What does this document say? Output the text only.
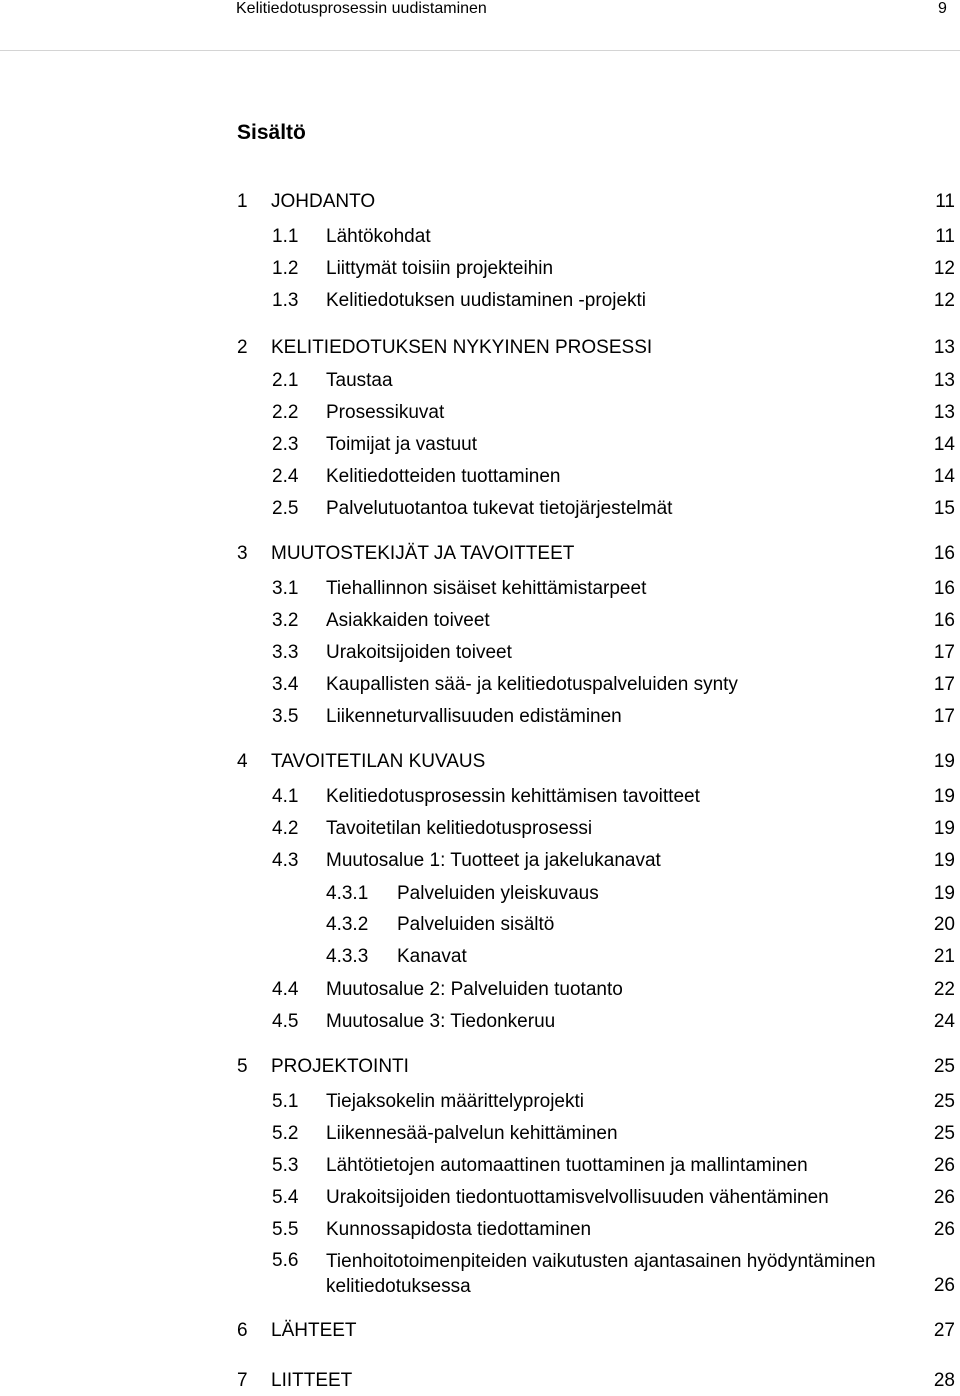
Kelitiedotusprosessin uudistaminen	9
Sisältö
1 JOHDANTO	11
1.1 Lähtökohdat	11
1.2 Liittymät toisiin projekteihin	12
1.3 Kelitiedotuksen uudistaminen -projekti	12
2 KELITIEDOTUKSEN NYKYINEN PROSESSI	13
2.1 Taustaa	13
2.2 Prosessikuvat	13
2.3 Toimijat ja vastuut	14
2.4 Kelitiedotteiden tuottaminen	14
2.5 Palvelutuotantoa tukevat tietojärjestelmät	15
3 MUUTOSTEKIJÄT JA TAVOITTEET	16
3.1 Tiehallinnon sisäiset kehittämistarpeet	16
3.2 Asiakkaiden toiveet	16
3.3 Urakoitsijoiden toiveet	17
3.4 Kaupallisten sää- ja kelitiedotuspalveluiden synty	17
3.5 Liikenneturvallisuuden edistäminen	17
4 TAVOITETILAN KUVAUS	19
4.1 Kelitiedotusprosessin kehittämisen tavoitteet	19
4.2 Tavoitetilan kelitiedotusprosessi	19
4.3 Muutosalue 1: Tuotteet ja jakelukanavat	19
4.3.1 Palveluiden yleiskuvaus	19
4.3.2 Palveluiden sisältö	20
4.3.3 Kanavat	21
4.4 Muutosalue 2: Palveluiden tuotanto	22
4.5 Muutosalue 3: Tiedonkeruu	24
5 PROJEKTOINTI	25
5.1 Tiejaksokelin määrittelyprojekti	25
5.2 Liikennesää-palvelun kehittäminen	25
5.3 Lähtötietojen automaattinen tuottaminen ja mallintaminen	26
5.4 Urakoitsijoiden tiedontuottamisvelvollisuuden vähentäminen	26
5.5 Kunnossapidosta tiedottaminen	26
5.6 Tienhoitotoimenpiteiden vaikutusten ajantasainen hyödyntäminen kelitiedotuksessa	26
6 LÄHTEET	27
7 LIITTEET	28
